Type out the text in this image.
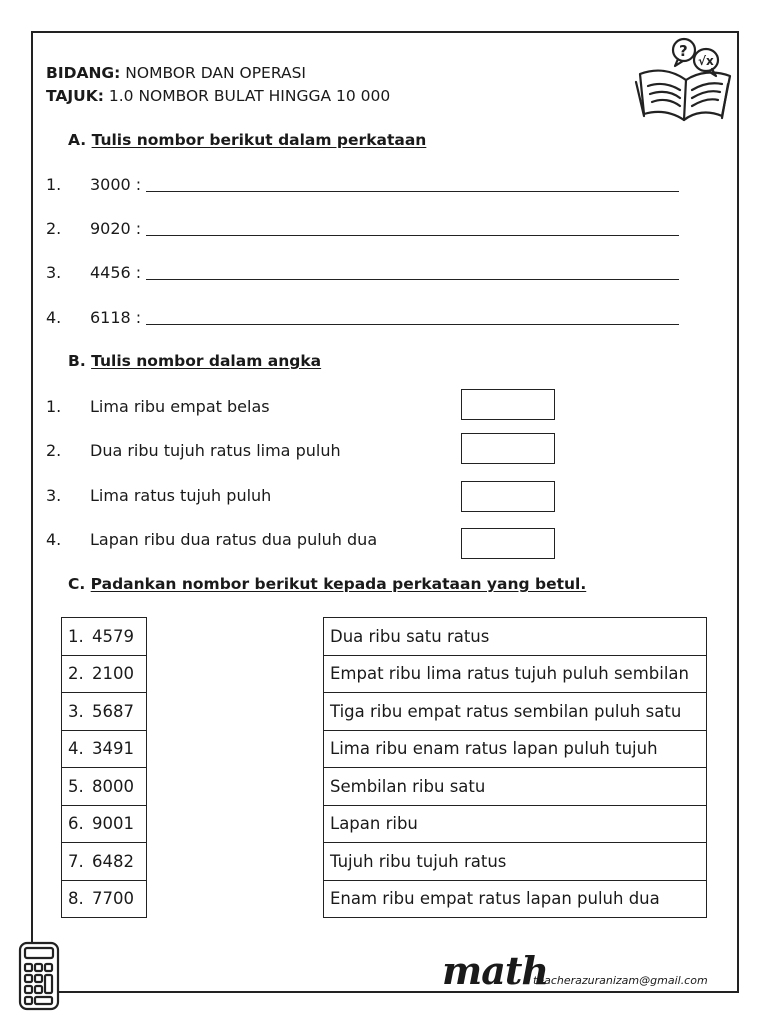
BIDANG: NOMBOR DAN OPERASI
TAJUK: 1.0 NOMBOR BULAT HINGGA 10 000
?
√x
A. Tulis nombor berikut dalam perkataan
1.	3000 :
2.	9020 :
3.	4456 :
4.	6118 :
B. Tulis nombor dalam angka
1.	Lima ribu empat belas
2.	Dua ribu tujuh ratus lima puluh
3.	Lima ratus tujuh puluh
4.	Lapan ribu dua ratus dua puluh dua
C. Padankan nombor berikut kepada perkataan yang betul.
1. 4579
2. 2100
3. 5687
4. 3491
5. 8000
6. 9001
7. 6482
8. 7700
Dua ribu satu ratus
Empat ribu lima ratus tujuh puluh sembilan
Tiga ribu empat ratus sembilan puluh satu
Lima ribu enam ratus lapan puluh tujuh
Sembilan ribu satu
Lapan ribu
Tujuh ribu tujuh ratus
Enam ribu empat ratus lapan puluh dua
math
teacherazuranizam@gmail.com
